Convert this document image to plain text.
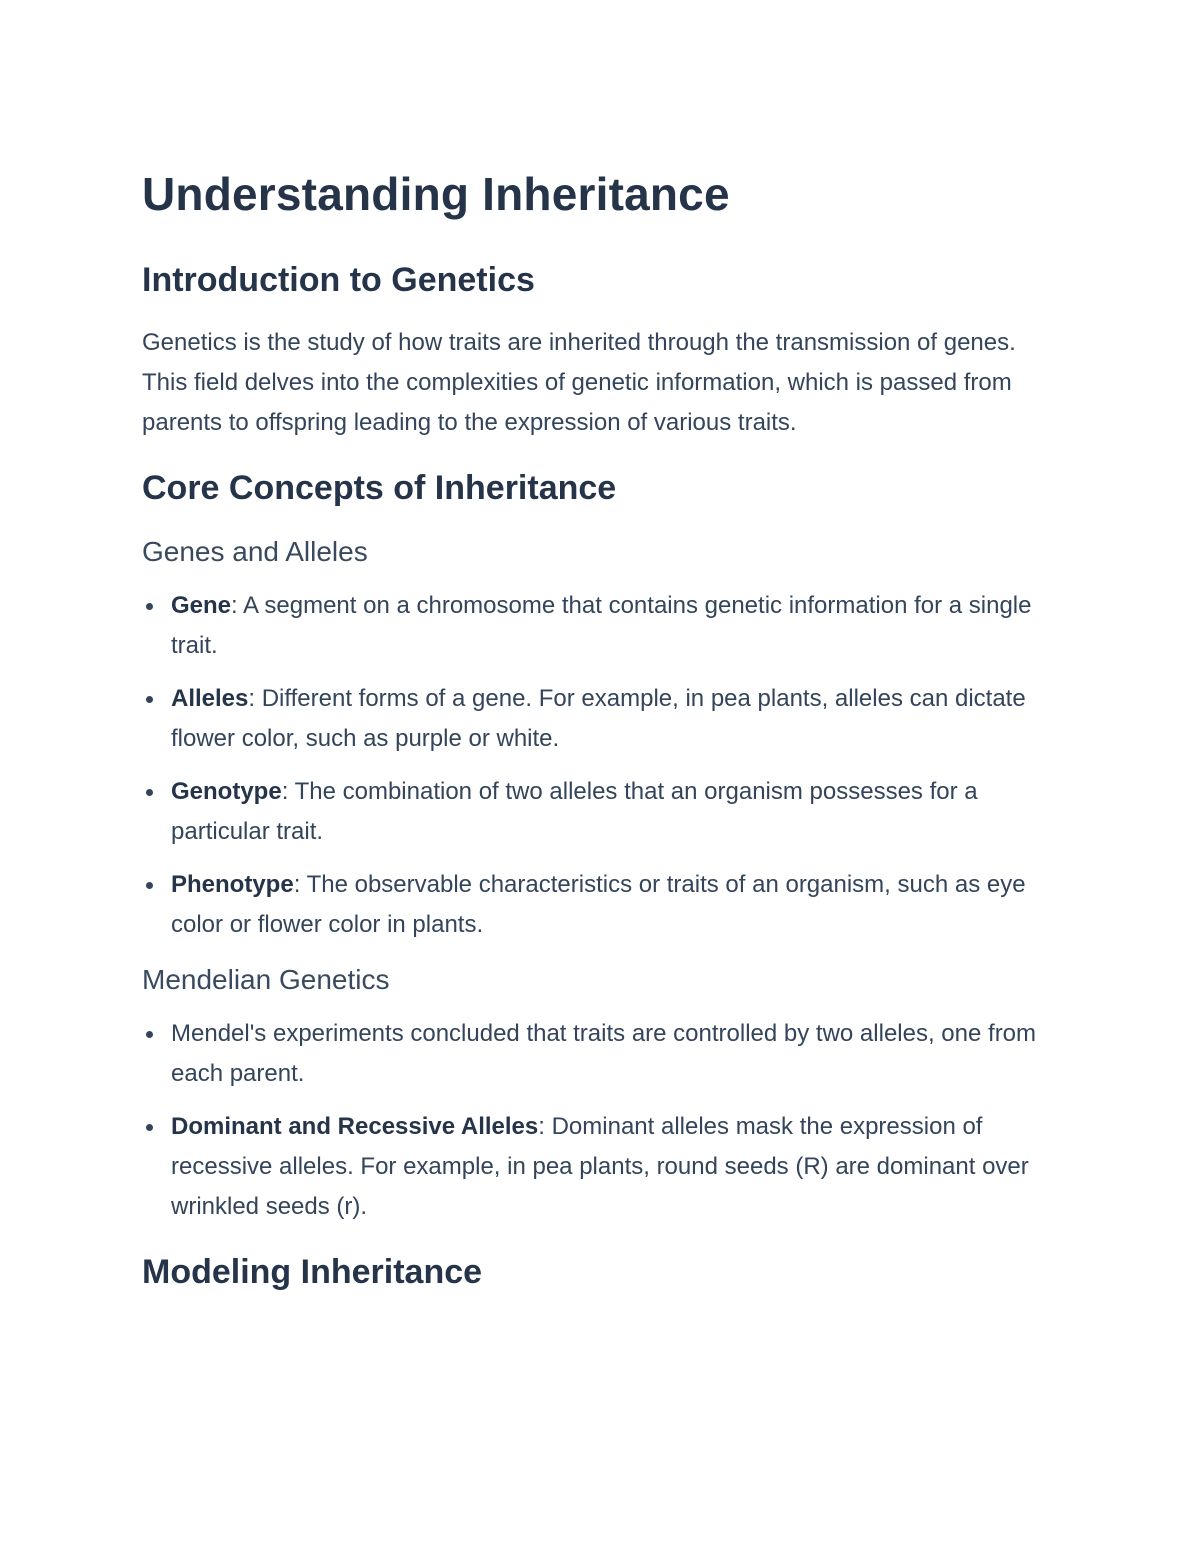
Understanding Inheritance
Introduction to Genetics

Genetics is the study of how traits are inherited through the transmission of genes. This field delves into the complexities of genetic information, which is passed from parents to offspring leading to the expression of various traits.

Core Concepts of Inheritance
Genes and Alleles
Gene: A segment on a chromosome that contains genetic information for a single trait.
Alleles: Different forms of a gene. For example, in pea plants, alleles can dictate flower color, such as purple or white.
Genotype: The combination of two alleles that an organism possesses for a particular trait.
Phenotype: The observable characteristics or traits of an organism, such as eye color or flower color in plants.
Mendelian Genetics
Mendel's experiments concluded that traits are controlled by two alleles, one from each parent.
Dominant and Recessive Alleles: Dominant alleles mask the expression of recessive alleles. For example, in pea plants, round seeds (R) are dominant over wrinkled seeds (r).
Modeling Inheritance
